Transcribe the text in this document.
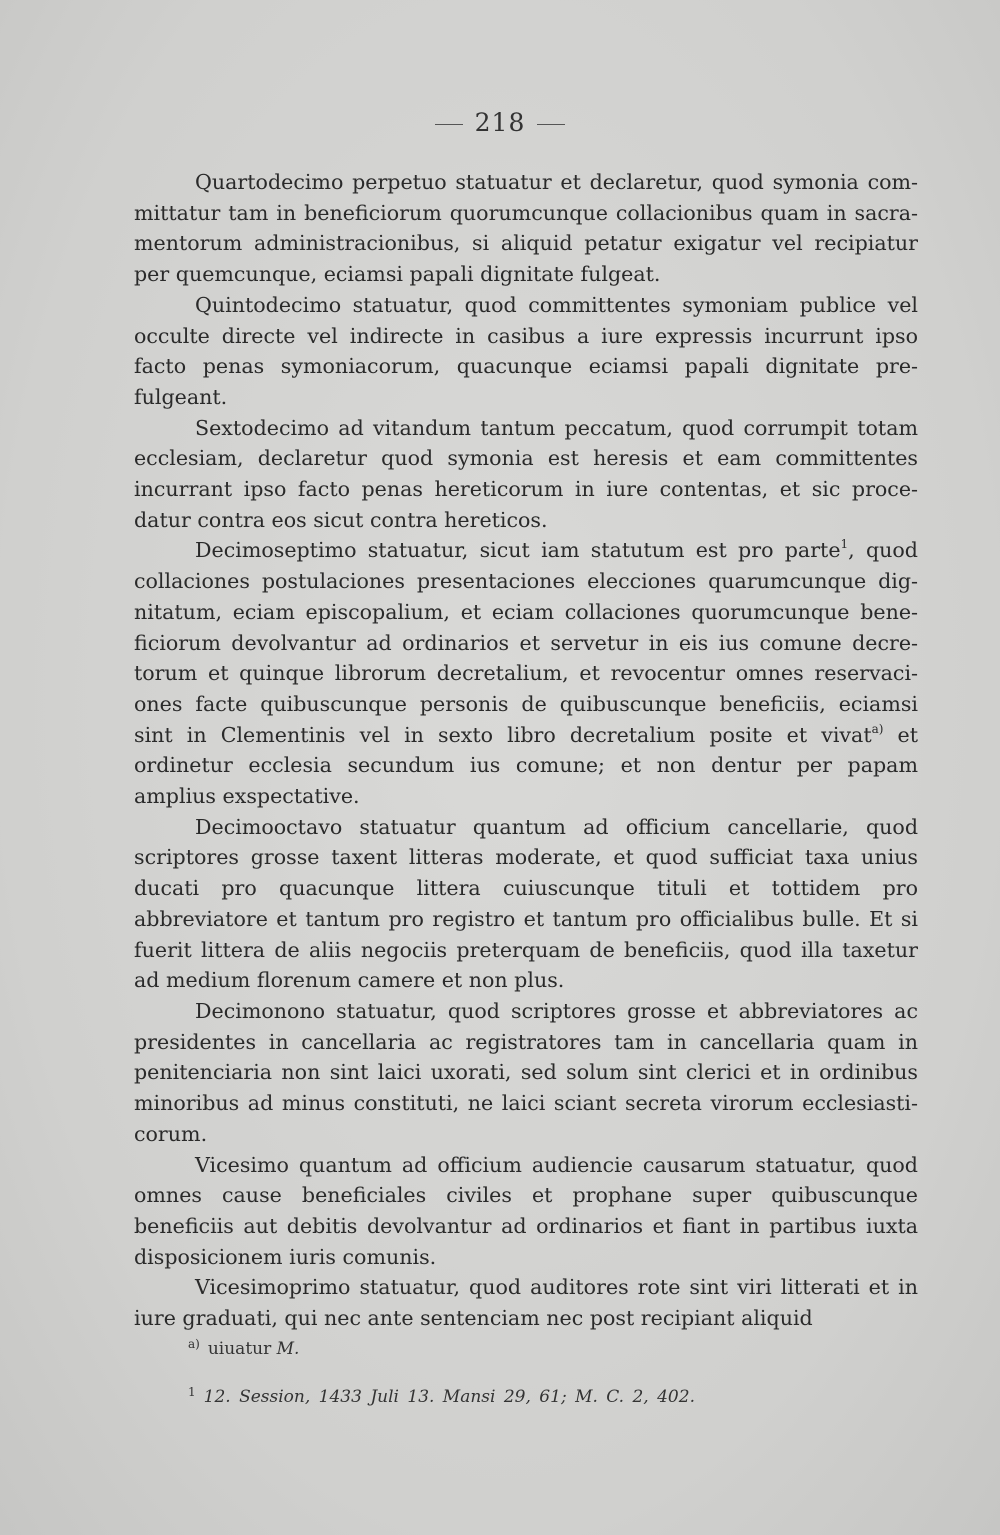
218

Quartodecimo perpetuo statuatur et declaretur, quod symonia committatur tam in beneficiorum quorumcunque collacionibus quam in sacramentorum administracionibus, si aliquid petatur exigatur vel recipiatur per quemcunque, eciamsi papali dignitate fulgeat.

Quintodecimo statuatur, quod committentes symoniam publice vel occulte directe vel indirecte in casibus a iure expressis incurrunt ipso facto penas symoniacorum, quacunque eciamsi papali dignitate prefulgeant.

Sextodecimo ad vitandum tantum peccatum, quod corrumpit totam ecclesiam, declaretur quod symonia est heresis et eam committentes incurrant ipso facto penas hereticorum in iure contentas, et sic procedatur contra eos sicut contra hereticos.

Decimoseptimo statuatur, sicut iam statutum est pro parte$^1$, quod collaciones postulaciones presentaciones elecciones quarumcunque dignitatum, eciam episcopalium, et eciam collaciones quorumcunque beneficiorum devolvantur ad ordinarios et servetur in eis ius comune decretorum et quinque librorum decretalium, et revocentur omnes reservaciones facte quibuscunque personis de quibuscunque beneficiis, eciamsi sint in Clementinis vel in sexto libro decretalium posite et vivat$^{a)}$ et ordinetur ecclesia secundum ius comune; et non dentur per papam amplius exspectative.

Decimooctavo statuatur quantum ad officium cancellarie, quod scriptores grosse taxent litteras moderate, et quod sufficiat taxa unius ducati pro quacunque littera cuiuscunque tituli et tottidem pro abbreviatore et tantum pro registro et tantum pro officialibus bulle. Et si fuerit littera de aliis negociis preterquam de beneficiis, quod illa taxetur ad medium florenum camere et non plus.

Decimonono statuatur, quod scriptores grosse et abbreviatores ac presidentes in cancellaria ac registratores tam in cancellaria quam in penitenciaria non sint laici uxorati, sed solum sint clerici et in ordinibus minoribus ad minus constituti, ne laici sciant secreta virorum ecclesiasticorum.

Vicesimo quantum ad officium audiencie causarum statuatur, quod omnes cause beneficiales civiles et prophane super quibuscunque beneficiis aut debitis devolvantur ad ordinarios et fiant in partibus iuxta disposicionem iuris comunis.

Vicesimoprimo statuatur, quod auditores rote sint viri litterati et in iure graduati, qui nec ante sentenciam nec post recipiant aliquid

$^{a)}$ uiuatur M.
$^1$ 12. Session, 1433 Juli 13. Mansi 29, 61; M. C. 2, 402.
